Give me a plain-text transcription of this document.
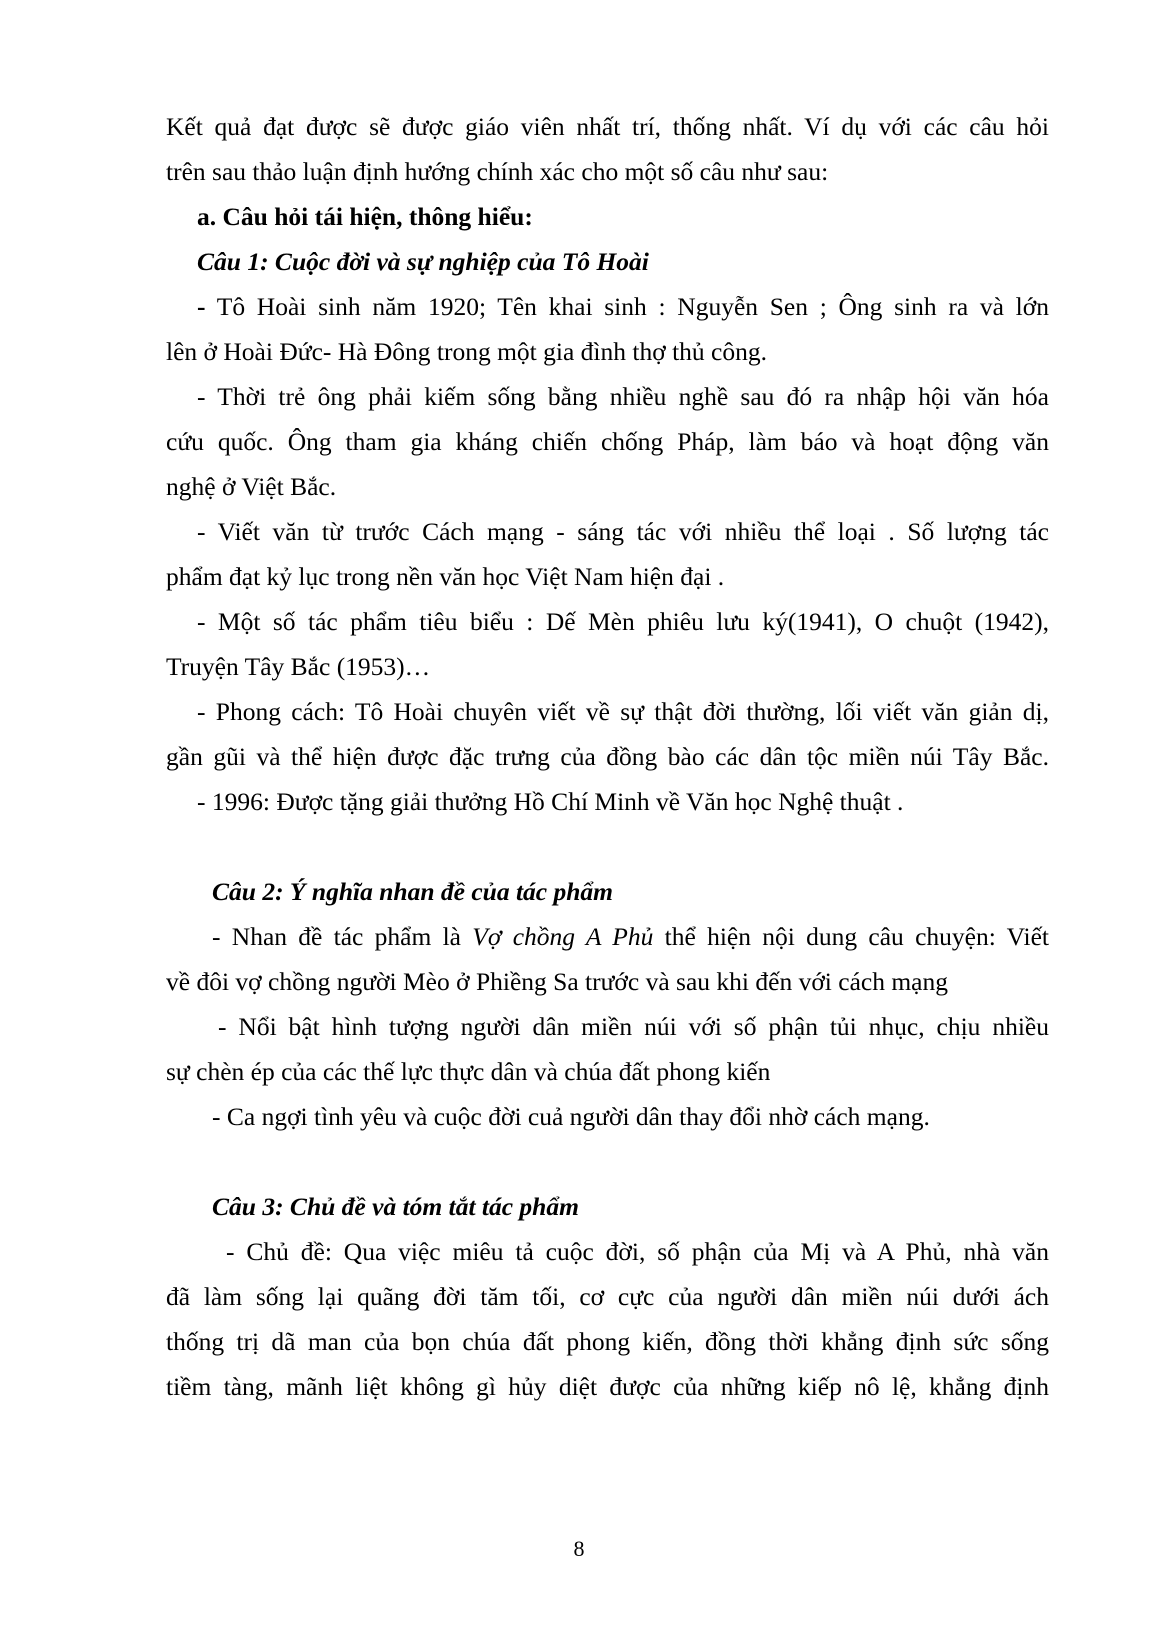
Kết quả đạt được sẽ được giáo viên nhất trí, thống nhất. Ví dụ với các câu hỏi
trên sau thảo luận định hướng chính xác cho một số câu như sau:
a. Câu hỏi tái hiện, thông hiểu:
Câu 1: Cuộc đời và sự nghiệp của Tô Hoài
- Tô Hoài sinh năm 1920; Tên khai sinh : Nguyễn Sen ; Ông sinh ra và lớn
lên ở Hoài Đức- Hà Đông trong một gia đình thợ thủ công.
- Thời trẻ ông phải kiếm sống bằng nhiều nghề sau đó ra nhập hội văn hóa
cứu quốc. Ông tham gia kháng chiến chống Pháp, làm báo và hoạt động văn
nghệ ở Việt Bắc.
- Viết văn từ trước Cách mạng - sáng tác với nhiều thể loại . Số lượng tác
phẩm đạt kỷ lục trong nền văn học Việt Nam hiện đại .
- Một số tác phẩm tiêu biểu : Dế Mèn phiêu lưu ký(1941), O chuột (1942),
Truyện Tây Bắc (1953)…
- Phong cách: Tô Hoài chuyên viết về sự thật đời thường, lối viết văn giản dị,
gần gũi và thể hiện được đặc trưng của đồng bào các dân tộc miền núi Tây Bắc.
- 1996: Được tặng giải thưởng Hồ Chí Minh về Văn học Nghệ thuật .
Câu 2: Ý nghĩa nhan đề của tác phẩm
- Nhan đề tác phẩm là Vợ chồng A Phủ thể hiện nội dung câu chuyện: Viết
về đôi vợ chồng người Mèo ở Phiềng Sa trước và sau khi đến với cách mạng
- Nổi bật hình tượng người dân miền núi với số phận tủi nhục, chịu nhiều
sự chèn ép của các thế lực thực dân và chúa đất phong kiến
- Ca ngợi tình yêu và cuộc đời cuả người dân thay đổi nhờ cách mạng.
Câu 3: Chủ đề và tóm tắt tác phẩm
- Chủ đề: Qua việc miêu tả cuộc đời, số phận của Mị và A Phủ, nhà văn
đã làm sống lại quãng đời tăm tối, cơ cực của người dân miền núi dưới ách
thống trị dã man của bọn chúa đất phong kiến, đồng thời khẳng định sức sống
tiềm tàng, mãnh liệt không gì hủy diệt được của những kiếp nô lệ, khẳng định
8
